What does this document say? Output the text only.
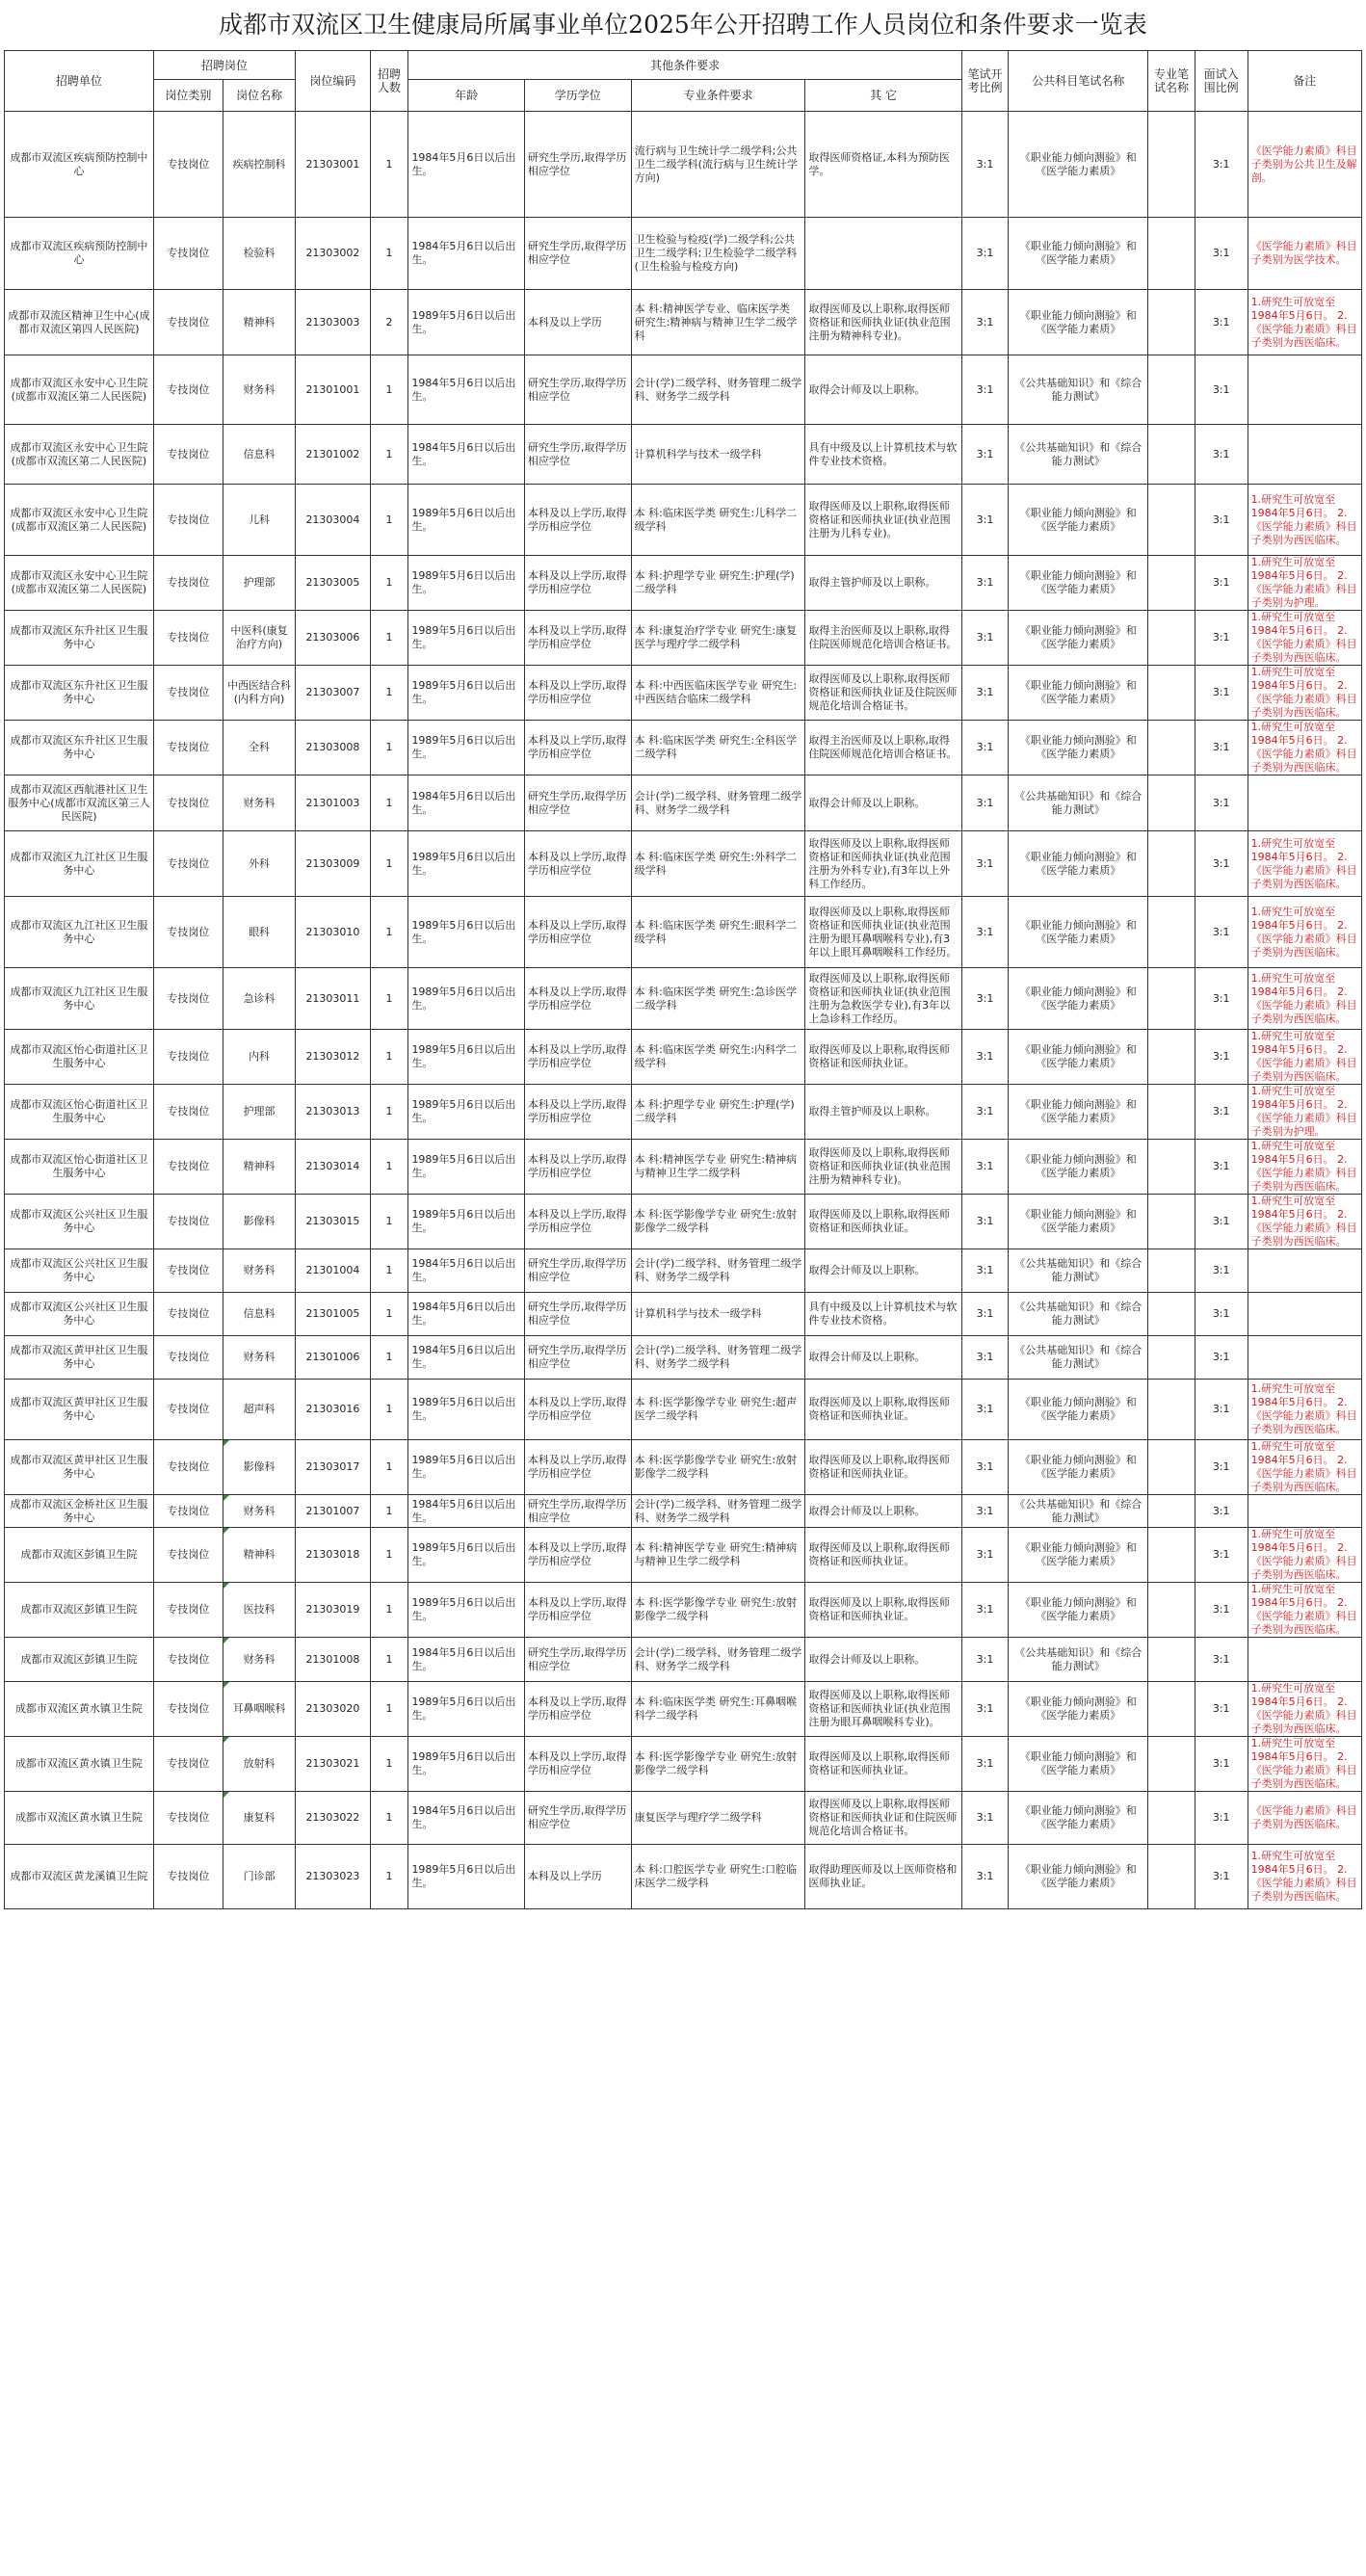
成都市双流区卫生健康局所属事业单位2025年公开招聘工作人员岗位和条件要求一览表
招聘单位	招聘岗位		岗位编码	招聘人数	其他条件要求				笔试开考比例	公共科目笔试名称	专业笔试名称	面试入围比例	备注
	岗位类别	岗位名称			年龄	学历学位	专业条件要求	其 它					
成都市双流区疾病预防控制中心	专技岗位	疾病控制科	21303001	1	1984年5月6日以后出生。	研究生学历,取得学历相应学位	流行病与卫生统计学二级学科;公共卫生二级学科(流行病与卫生统计学方向)	取得医师资格证,本科为预防医学。	3:1	《职业能力倾向测验》和《医学能力素质》		3:1	《医学能力素质》科目子类别为公共卫生及解剖。
成都市双流区疾病预防控制中心	专技岗位	检验科	21303002	1	1984年5月6日以后出生。	研究生学历,取得学历相应学位	卫生检验与检疫(学)二级学科;公共卫生二级学科;卫生检验学二级学科(卫生检验与检疫方向)		3:1	《职业能力倾向测验》和《医学能力素质》		3:1	《医学能力素质》科目子类别为医学技术。
成都市双流区精神卫生中心(成都市双流区第四人民医院)	专技岗位	精神科	21303003	2	1989年5月6日以后出生。	本科及以上学历	本 科:精神医学专业、临床医学类 研究生:精神病与精神卫生学二级学科	取得医师及以上职称,取得医师资格证和医师执业证(执业范围注册为精神科专业)。	3:1	《职业能力倾向测验》和《医学能力素质》		3:1	1.研究生可放宽至1984年5月6日。 2.《医学能力素质》科目子类别为西医临床。
成都市双流区永安中心卫生院(成都市双流区第二人民医院)	专技岗位	财务科	21301001	1	1984年5月6日以后出生。	研究生学历,取得学历相应学位	会计(学)二级学科、财务管理二级学科、财务学二级学科	取得会计师及以上职称。	3:1	《公共基础知识》和《综合能力测试》		3:1	
成都市双流区永安中心卫生院(成都市双流区第二人民医院)	专技岗位	信息科	21301002	1	1984年5月6日以后出生。	研究生学历,取得学历相应学位	计算机科学与技术一级学科	具有中级及以上计算机技术与软件专业技术资格。	3:1	《公共基础知识》和《综合能力测试》		3:1	
成都市双流区永安中心卫生院(成都市双流区第二人民医院)	专技岗位	儿科	21303004	1	1989年5月6日以后出生。	本科及以上学历,取得学历相应学位	本 科:临床医学类 研究生:儿科学二级学科	取得医师及以上职称,取得医师资格证和医师执业证(执业范围注册为儿科专业)。	3:1	《职业能力倾向测验》和《医学能力素质》		3:1	1.研究生可放宽至1984年5月6日。 2.《医学能力素质》科目子类别为西医临床。
成都市双流区永安中心卫生院(成都市双流区第二人民医院)	专技岗位	护理部	21303005	1	1989年5月6日以后出生。	本科及以上学历,取得学历相应学位	本 科:护理学专业 研究生:护理(学)二级学科	取得主管护师及以上职称。	3:1	《职业能力倾向测验》和《医学能力素质》		3:1	1.研究生可放宽至1984年5月6日。 2.《医学能力素质》科目子类别为护理。
成都市双流区东升社区卫生服务中心	专技岗位	中医科(康复治疗方向)	21303006	1	1989年5月6日以后出生。	本科及以上学历,取得学历相应学位	本 科:康复治疗学专业 研究生:康复医学与理疗学二级学科	取得主治医师及以上职称,取得住院医师规范化培训合格证书。	3:1	《职业能力倾向测验》和《医学能力素质》		3:1	1.研究生可放宽至1984年5月6日。 2.《医学能力素质》科目子类别为西医临床。
成都市双流区东升社区卫生服务中心	专技岗位	中西医结合科(内科方向)	21303007	1	1989年5月6日以后出生。	本科及以上学历,取得学历相应学位	本 科:中西医临床医学专业 研究生:中西医结合临床二级学科	取得医师及以上职称,取得医师资格证和医师执业证及住院医师规范化培训合格证书。	3:1	《职业能力倾向测验》和《医学能力素质》		3:1	1.研究生可放宽至1984年5月6日。 2.《医学能力素质》科目子类别为西医临床。
成都市双流区东升社区卫生服务中心	专技岗位	全科	21303008	1	1989年5月6日以后出生。	本科及以上学历,取得学历相应学位	本 科:临床医学类 研究生:全科医学二级学科	取得主治医师及以上职称,取得住院医师规范化培训合格证书。	3:1	《职业能力倾向测验》和《医学能力素质》		3:1	1.研究生可放宽至1984年5月6日。 2.《医学能力素质》科目子类别为西医临床。
成都市双流区西航港社区卫生服务中心(成都市双流区第三人民医院)	专技岗位	财务科	21301003	1	1984年5月6日以后出生。	研究生学历,取得学历相应学位	会计(学)二级学科、财务管理二级学科、财务学二级学科	取得会计师及以上职称。	3:1	《公共基础知识》和《综合能力测试》		3:1	
成都市双流区九江社区卫生服务中心	专技岗位	外科	21303009	1	1989年5月6日以后出生。	本科及以上学历,取得学历相应学位	本 科:临床医学类 研究生:外科学二级学科	取得医师及以上职称,取得医师资格证和医师执业证(执业范围注册为外科专业),有3年以上外科工作经历。	3:1	《职业能力倾向测验》和《医学能力素质》		3:1	1.研究生可放宽至1984年5月6日。 2.《医学能力素质》科目子类别为西医临床。
成都市双流区九江社区卫生服务中心	专技岗位	眼科	21303010	1	1989年5月6日以后出生。	本科及以上学历,取得学历相应学位	本 科:临床医学类 研究生:眼科学二级学科	取得医师及以上职称,取得医师资格证和医师执业证(执业范围注册为眼耳鼻咽喉科专业),有3年以上眼耳鼻咽喉科工作经历。	3:1	《职业能力倾向测验》和《医学能力素质》		3:1	1.研究生可放宽至1984年5月6日。 2.《医学能力素质》科目子类别为西医临床。
成都市双流区九江社区卫生服务中心	专技岗位	急诊科	21303011	1	1989年5月6日以后出生。	本科及以上学历,取得学历相应学位	本 科:临床医学类 研究生:急诊医学二级学科	取得医师及以上职称,取得医师资格证和医师执业证(执业范围注册为急救医学专业),有3年以上急诊科工作经历。	3:1	《职业能力倾向测验》和《医学能力素质》		3:1	1.研究生可放宽至1984年5月6日。 2.《医学能力素质》科目子类别为西医临床。
成都市双流区怡心街道社区卫生服务中心	专技岗位	内科	21303012	1	1989年5月6日以后出生。	本科及以上学历,取得学历相应学位	本 科:临床医学类 研究生:内科学二级学科	取得医师及以上职称,取得医师资格证和医师执业证。	3:1	《职业能力倾向测验》和《医学能力素质》		3:1	1.研究生可放宽至1984年5月6日。 2.《医学能力素质》科目子类别为西医临床。
成都市双流区怡心街道社区卫生服务中心	专技岗位	护理部	21303013	1	1989年5月6日以后出生。	本科及以上学历,取得学历相应学位	本 科:护理学专业 研究生:护理(学)二级学科	取得主管护师及以上职称。	3:1	《职业能力倾向测验》和《医学能力素质》		3:1	1.研究生可放宽至1984年5月6日。 2.《医学能力素质》科目子类别为护理。
成都市双流区怡心街道社区卫生服务中心	专技岗位	精神科	21303014	1	1989年5月6日以后出生。	本科及以上学历,取得学历相应学位	本 科:精神医学专业 研究生:精神病与精神卫生学二级学科	取得医师及以上职称,取得医师资格证和医师执业证(执业范围注册为精神科专业)。	3:1	《职业能力倾向测验》和《医学能力素质》		3:1	1.研究生可放宽至1984年5月6日。 2.《医学能力素质》科目子类别为西医临床。
成都市双流区公兴社区卫生服务中心	专技岗位	影像科	21303015	1	1989年5月6日以后出生。	本科及以上学历,取得学历相应学位	本 科:医学影像学专业 研究生:放射影像学二级学科	取得医师及以上职称,取得医师资格证和医师执业证。	3:1	《职业能力倾向测验》和《医学能力素质》		3:1	1.研究生可放宽至1984年5月6日。 2.《医学能力素质》科目子类别为西医临床。
成都市双流区公兴社区卫生服务中心	专技岗位	财务科	21301004	1	1984年5月6日以后出生。	研究生学历,取得学历相应学位	会计(学)二级学科、财务管理二级学科、财务学二级学科	取得会计师及以上职称。	3:1	《公共基础知识》和《综合能力测试》		3:1	
成都市双流区公兴社区卫生服务中心	专技岗位	信息科	21301005	1	1984年5月6日以后出生。	研究生学历,取得学历相应学位	计算机科学与技术一级学科	具有中级及以上计算机技术与软件专业技术资格。	3:1	《公共基础知识》和《综合能力测试》		3:1	
成都市双流区黄甲社区卫生服务中心	专技岗位	财务科	21301006	1	1984年5月6日以后出生。	研究生学历,取得学历相应学位	会计(学)二级学科、财务管理二级学科、财务学二级学科	取得会计师及以上职称。	3:1	《公共基础知识》和《综合能力测试》		3:1	
成都市双流区黄甲社区卫生服务中心	专技岗位	超声科	21303016	1	1989年5月6日以后出生。	本科及以上学历,取得学历相应学位	本 科:医学影像学专业 研究生:超声医学二级学科	取得医师及以上职称,取得医师资格证和医师执业证。	3:1	《职业能力倾向测验》和《医学能力素质》		3:1	1.研究生可放宽至1984年5月6日。 2.《医学能力素质》科目子类别为西医临床。
成都市双流区黄甲社区卫生服务中心	专技岗位	影像科	21303017	1	1989年5月6日以后出生。	本科及以上学历,取得学历相应学位	本 科:医学影像学专业 研究生:放射影像学二级学科	取得医师及以上职称,取得医师资格证和医师执业证。	3:1	《职业能力倾向测验》和《医学能力素质》		3:1	1.研究生可放宽至1984年5月6日。 2.《医学能力素质》科目子类别为西医临床。
成都市双流区金桥社区卫生服务中心	专技岗位	财务科	21301007	1	1984年5月6日以后出生。	研究生学历,取得学历相应学位	会计(学)二级学科、财务管理二级学科、财务学二级学科	取得会计师及以上职称。	3:1	《公共基础知识》和《综合能力测试》		3:1	
成都市双流区彭镇卫生院	专技岗位	精神科	21303018	1	1989年5月6日以后出生。	本科及以上学历,取得学历相应学位	本 科:精神医学专业 研究生:精神病与精神卫生学二级学科	取得医师及以上职称,取得医师资格证和医师执业证。	3:1	《职业能力倾向测验》和《医学能力素质》		3:1	1.研究生可放宽至1984年5月6日。 2.《医学能力素质》科目子类别为西医临床。
成都市双流区彭镇卫生院	专技岗位	医技科	21303019	1	1989年5月6日以后出生。	本科及以上学历,取得学历相应学位	本 科:医学影像学专业 研究生:放射影像学二级学科	取得医师及以上职称,取得医师资格证和医师执业证。	3:1	《职业能力倾向测验》和《医学能力素质》		3:1	1.研究生可放宽至1984年5月6日。 2.《医学能力素质》科目子类别为西医临床。
成都市双流区彭镇卫生院	专技岗位	财务科	21301008	1	1984年5月6日以后出生。	研究生学历,取得学历相应学位	会计(学)二级学科、财务管理二级学科、财务学二级学科	取得会计师及以上职称。	3:1	《公共基础知识》和《综合能力测试》		3:1	
成都市双流区黄水镇卫生院	专技岗位	耳鼻咽喉科	21303020	1	1989年5月6日以后出生。	本科及以上学历,取得学历相应学位	本 科:临床医学类 研究生:耳鼻咽喉科学二级学科	取得医师及以上职称,取得医师资格证和医师执业证(执业范围注册为眼耳鼻咽喉科专业)。	3:1	《职业能力倾向测验》和《医学能力素质》		3:1	1.研究生可放宽至1984年5月6日。 2.《医学能力素质》科目子类别为西医临床。
成都市双流区黄水镇卫生院	专技岗位	放射科	21303021	1	1989年5月6日以后出生。	本科及以上学历,取得学历相应学位	本 科:医学影像学专业 研究生:放射影像学二级学科	取得医师及以上职称,取得医师资格证和医师执业证。	3:1	《职业能力倾向测验》和《医学能力素质》		3:1	1.研究生可放宽至1984年5月6日。 2.《医学能力素质》科目子类别为西医临床。
成都市双流区黄水镇卫生院	专技岗位	康复科	21303022	1	1984年5月6日以后出生。	研究生学历,取得学历相应学位	康复医学与理疗学二级学科	取得医师及以上职称,取得医师资格证和医师执业证和住院医师规范化培训合格证书。	3:1	《职业能力倾向测验》和《医学能力素质》		3:1	《医学能力素质》科目子类别为西医临床。
成都市双流区黄龙溪镇卫生院	专技岗位	门诊部	21303023	1	1989年5月6日以后出生。	本科及以上学历	本 科:口腔医学专业 研究生:口腔临床医学二级学科	取得助理医师及以上医师资格和医师执业证。	3:1	《职业能力倾向测验》和《医学能力素质》		3:1	1.研究生可放宽至1984年5月6日。 2.《医学能力素质》科目子类别为西医临床。
